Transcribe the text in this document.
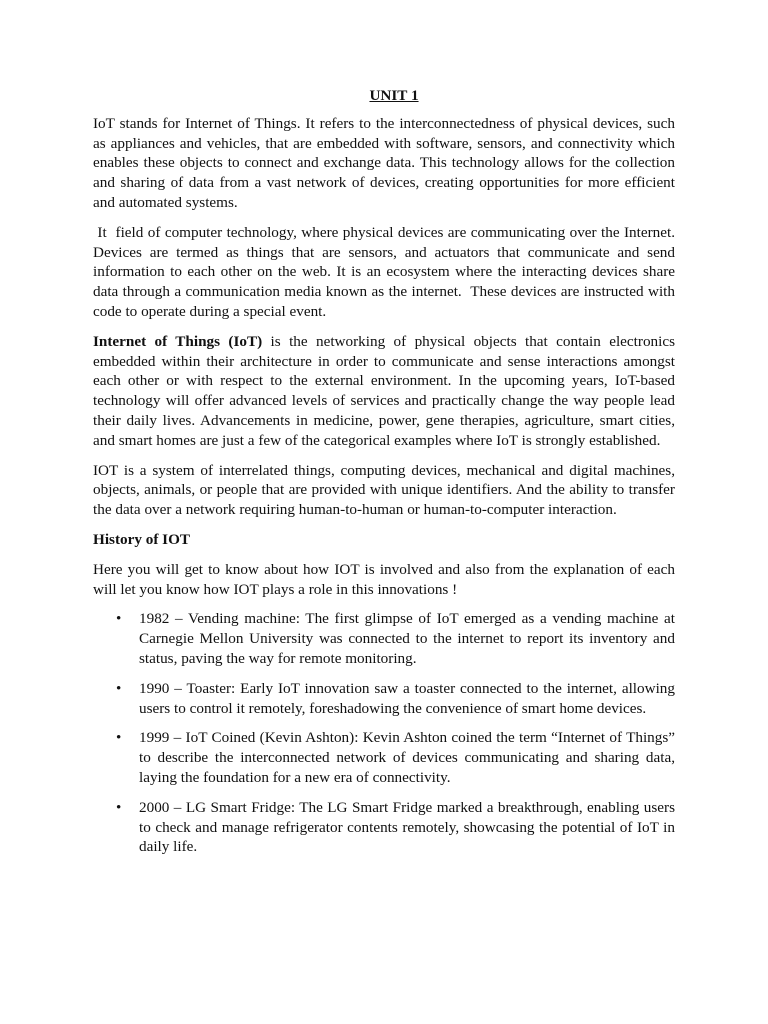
UNIT 1

IoT stands for Internet of Things. It refers to the interconnectedness of physical devices, such as appliances and vehicles, that are embedded with software, sensors, and connectivity which enables these objects to connect and exchange data. This technology allows for the collection and sharing of data from a vast network of devices, creating opportunities for more efficient and automated systems.

It  field of computer technology, where physical devices are communicating over the Internet. Devices are termed as things that are sensors, and actuators that communicate and send information to each other on the web. It is an ecosystem where the interacting devices share data through a communication media known as the internet.  These devices are instructed with code to operate during a special event.

Internet of Things (IoT) is the networking of physical objects that contain electronics embedded within their architecture in order to communicate and sense interactions amongst each other or with respect to the external environment. In the upcoming years, IoT-based technology will offer advanced levels of services and practically change the way people lead their daily lives. Advancements in medicine, power, gene therapies, agriculture, smart cities, and smart homes are just a few of the categorical examples where IoT is strongly established.

IOT is a system of interrelated things, computing devices, mechanical and digital machines, objects, animals, or people that are provided with unique identifiers. And the ability to transfer the data over a network requiring human-to-human or human-to-computer interaction.

History of IOT

Here you will get to know about how IOT is involved and also from the explanation of each will let you know how IOT plays a role in this innovations !

• 1982 – Vending machine: The first glimpse of IoT emerged as a vending machine at Carnegie Mellon University was connected to the internet to report its inventory and status, paving the way for remote monitoring.
• 1990 – Toaster: Early IoT innovation saw a toaster connected to the internet, allowing users to control it remotely, foreshadowing the convenience of smart home devices.
• 1999 – IoT Coined (Kevin Ashton): Kevin Ashton coined the term “Internet of Things” to describe the interconnected network of devices communicating and sharing data, laying the foundation for a new era of connectivity.
• 2000 – LG Smart Fridge: The LG Smart Fridge marked a breakthrough, enabling users to check and manage refrigerator contents remotely, showcasing the potential of IoT in daily life.
